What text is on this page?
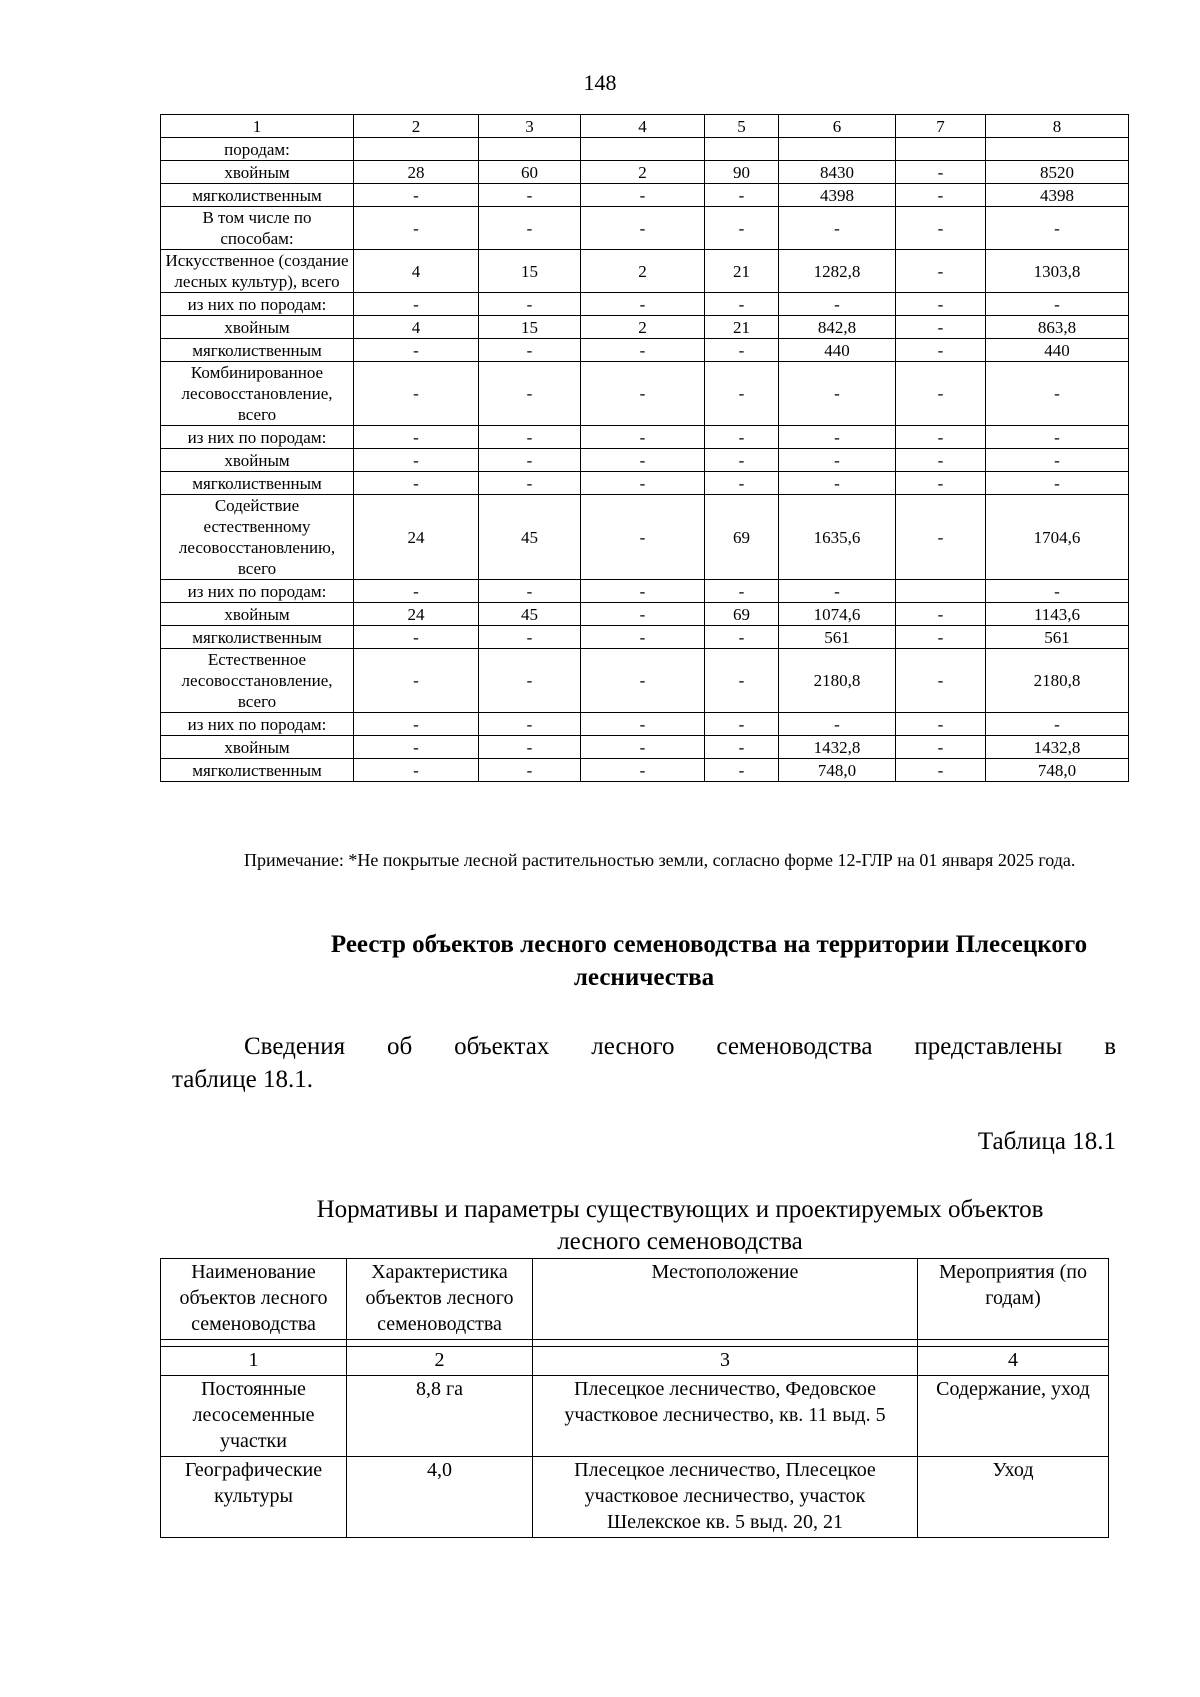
148
1	2	3	4	5	6	7	8
породам:							
хвойным	28	60	2	90	8430	-	8520
мягколиственным	-	-	-	-	4398	-	4398
В том числе по способам:	-	-	-	-	-	-	-
Искусственное (создание лесных культур), всего	4	15	2	21	1282,8	-	1303,8
из них по породам:	-	-	-	-	-	-	-
хвойным	4	15	2	21	842,8	-	863,8
мягколиственным	-	-	-	-	440	-	440
Комбинированное лесовосстановление, всего	-	-	-	-	-	-	-
из них по породам:	-	-	-	-	-	-	-
хвойным	-	-	-	-	-	-	-
мягколиственным	-	-	-	-	-	-	-
Содействие естественному лесовосстановлению, всего	24	45	-	69	1635,6	-	1704,6
из них по породам:	-	-	-	-	-		-
хвойным	24	45	-	69	1074,6	-	1143,6
мягколиственным	-	-	-	-	561	-	561
Естественное лесовосстановление, всего	-	-	-	-	2180,8	-	2180,8
из них по породам:	-	-	-	-	-	-	-
хвойным	-	-	-	-	1432,8	-	1432,8
мягколиственным	-	-	-	-	748,0	-	748,0
Примечание: *Не покрытые лесной растительностью земли, согласно форме 12-ГЛР на 01 января 2025 года.
Реестр объектов лесного семеноводства на территории Плесецкого
лесничества
Сведения об объектах лесного семеноводства представлены в
таблице 18.1.
Таблица 18.1
Нормативы и параметры существующих и проектируемых объектов
лесного семеноводства
Наименование объектов лесного семеноводства	Характеристика объектов лесного семеноводства	Местоположение	Мероприятия (по годам)

1	2	3	4
Постоянные лесосеменные участки	8,8 га	Плесецкое лесничество, Федовское участковое лесничество, кв. 11 выд. 5	Содержание, уход
Географические культуры	4,0	Плесецкое лесничество, Плесецкое участковое лесничество, участок Шелекское кв. 5 выд. 20, 21	Уход
